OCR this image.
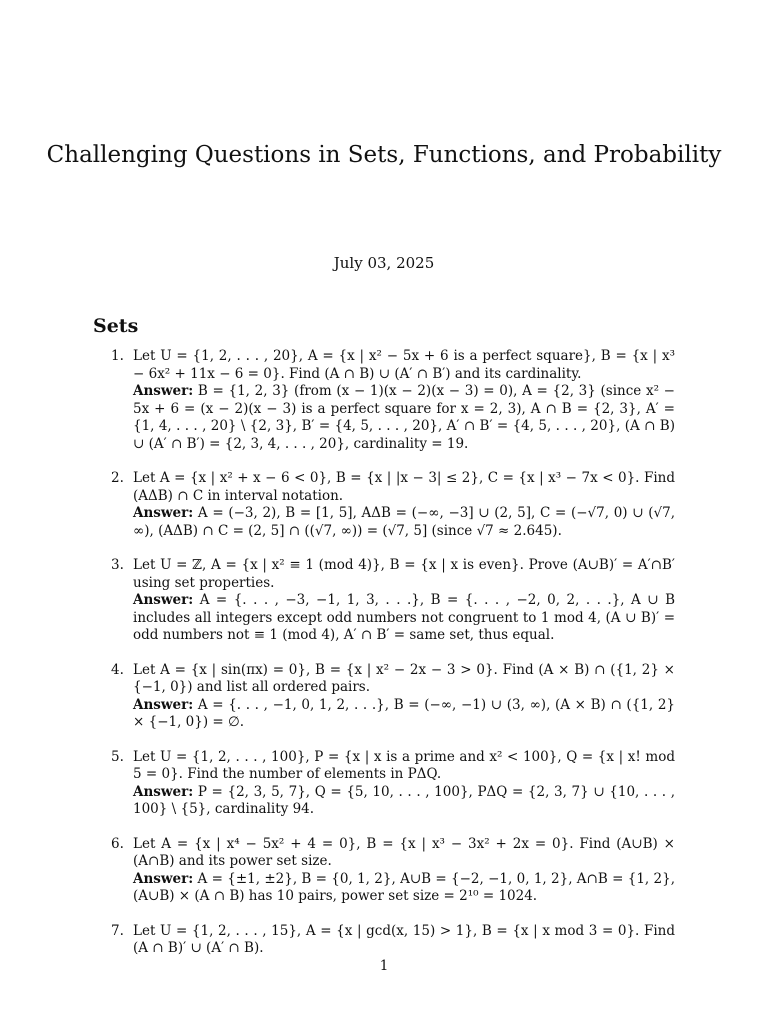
Challenging Questions in Sets, Functions, and Probability
July 03, 2025
Sets
1. Let U = {1, 2, . . . , 20}, A = {x | x² − 5x + 6 is a perfect square}, B = {x | x³ − 6x² + 11x − 6 = 0}. Find (A ∩ B) ∪ (A′ ∩ B′) and its cardinality.
Answer: B = {1, 2, 3} (from (x − 1)(x − 2)(x − 3) = 0), A = {2, 3} (since x² − 5x + 6 = (x − 2)(x − 3) is a perfect square for x = 2, 3), A ∩ B = {2, 3}, A′ = {1, 4, . . . , 20} \ {2, 3}, B′ = {4, 5, . . . , 20}, A′ ∩ B′ = {4, 5, . . . , 20}, (A ∩ B) ∪ (A′ ∩ B′) = {2, 3, 4, . . . , 20}, cardinality = 19.
2. Let A = {x | x² + x − 6 < 0}, B = {x | |x − 3| ≤ 2}, C = {x | x³ − 7x < 0}. Find (AΔB) ∩ C in interval notation.
Answer: A = (−3, 2), B = [1, 5], AΔB = (−∞, −3] ∪ (2, 5], C = (−√7, 0) ∪ (√7, ∞), (AΔB) ∩ C = (2, 5] ∩ ((√7, ∞)) = (√7, 5] (since √7 ≈ 2.645).
3. Let U = ℤ, A = {x | x² ≡ 1 (mod 4)}, B = {x | x is even}. Prove (A∪B)′ = A′∩B′ using set properties.
Answer: A = {. . . , −3, −1, 1, 3, . . .}, B = {. . . , −2, 0, 2, . . .}, A ∪ B includes all integers except odd numbers not congruent to 1 mod 4, (A ∪ B)′ = odd numbers not ≡ 1 (mod 4), A′ ∩ B′ = same set, thus equal.
4. Let A = {x | sin(πx) = 0}, B = {x | x² − 2x − 3 > 0}. Find (A × B) ∩ ({1, 2} × {−1, 0}) and list all ordered pairs.
Answer: A = {. . . , −1, 0, 1, 2, . . .}, B = (−∞, −1) ∪ (3, ∞), (A × B) ∩ ({1, 2} × {−1, 0}) = ∅.
5. Let U = {1, 2, . . . , 100}, P = {x | x is a prime and x² < 100}, Q = {x | x! mod 5 = 0}. Find the number of elements in PΔQ.
Answer: P = {2, 3, 5, 7}, Q = {5, 10, . . . , 100}, PΔQ = {2, 3, 7} ∪ {10, . . . , 100} \ {5}, cardinality 94.
6. Let A = {x | x⁴ − 5x² + 4 = 0}, B = {x | x³ − 3x² + 2x = 0}. Find (A∪B) × (A∩B) and its power set size.
Answer: A = {±1, ±2}, B = {0, 1, 2}, A∪B = {−2, −1, 0, 1, 2}, A∩B = {1, 2}, (A∪B) × (A ∩ B) has 10 pairs, power set size = 2¹⁰ = 1024.
7. Let U = {1, 2, . . . , 15}, A = {x | gcd(x, 15) > 1}, B = {x | x mod 3 = 0}. Find (A ∩ B)′ ∪ (A′ ∩ B).
1
